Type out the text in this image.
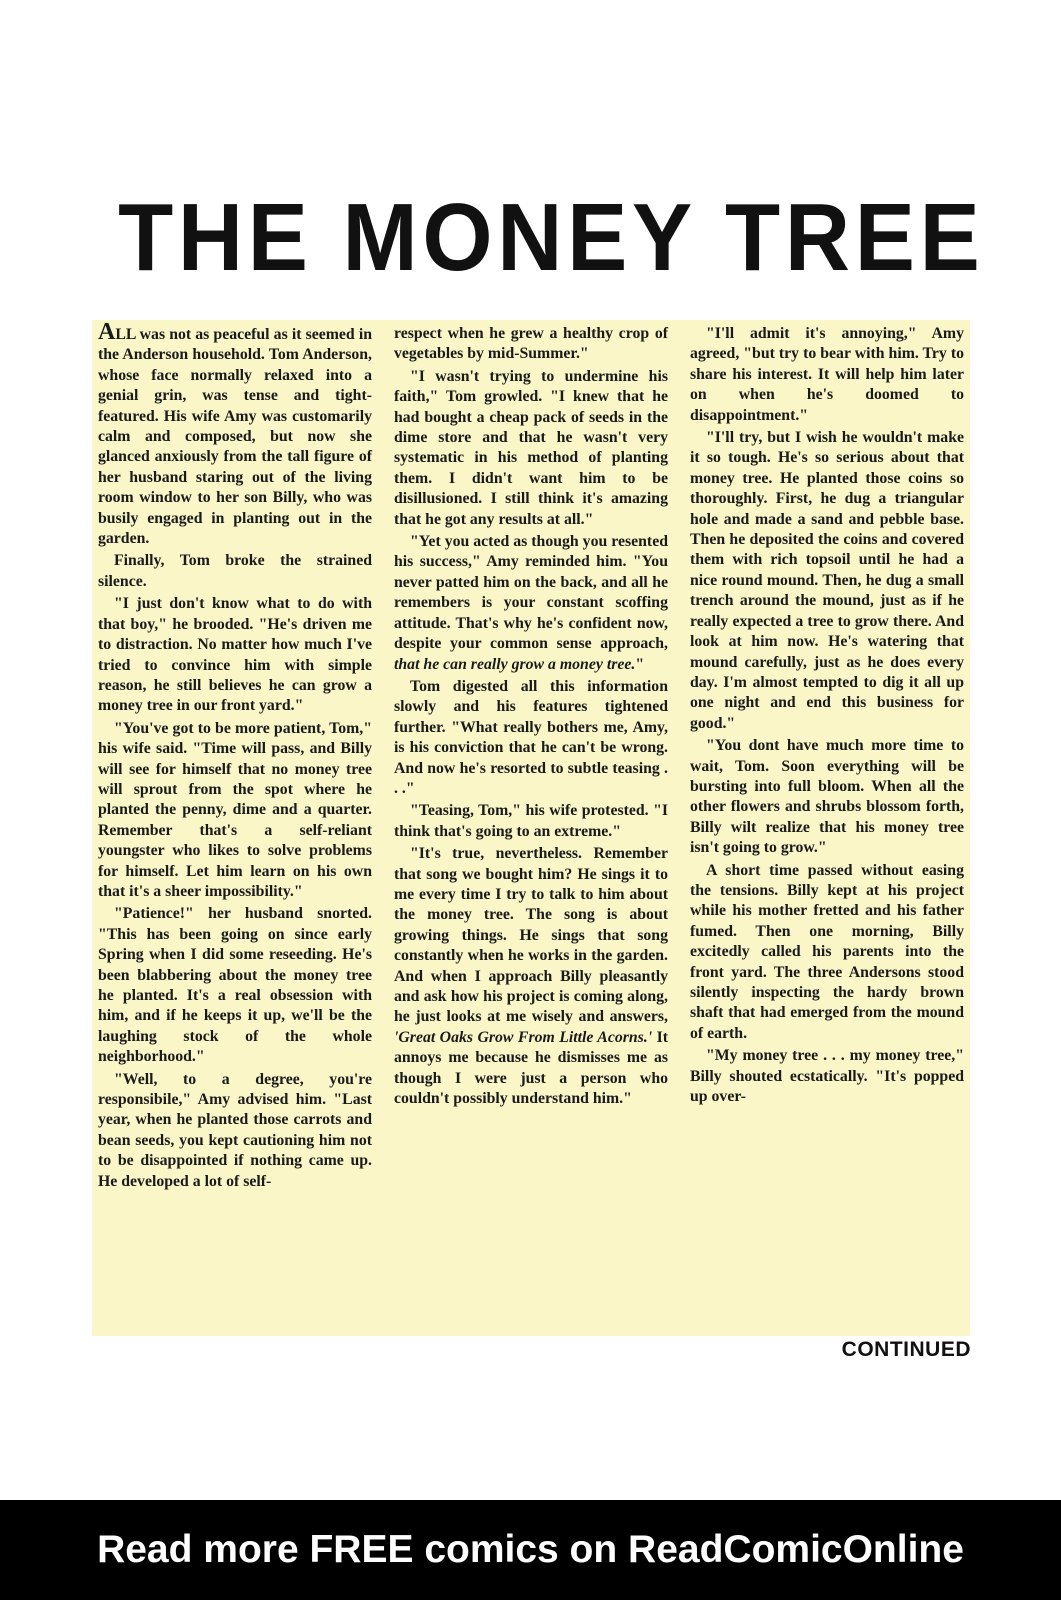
THE MONEY TREE

ALL was not as peaceful as it seemed in the Anderson household. Tom Anderson, whose face normally relaxed into a genial grin, was tense and tight-featured. His wife Amy was customarily calm and composed, but now she glanced anxiously from the tall figure of her husband staring out of the living room window to her son Billy, who was busily engaged in planting out in the garden.

Finally, Tom broke the strained silence.

"I just don't know what to do with that boy," he brooded. "He's driven me to distraction. No matter how much I've tried to convince him with simple reason, he still believes he can grow a money tree in our front yard."

"You've got to be more patient, Tom," his wife said. "Time will pass, and Billy will see for himself that no money tree will sprout from the spot where he planted the penny, dime and a quarter. Remember that's a self-reliant youngster who likes to solve problems for himself. Let him learn on his own that it's a sheer impossibility."

"Patience!" her husband snorted. "This has been going on since early Spring when I did some reseeding. He's been blabbering about the money tree he planted. It's a real obsession with him, and if he keeps it up, we'll be the laughing stock of the whole neighborhood."

"Well, to a degree, you're responsibile," Amy advised him. "Last year, when he planted those carrots and bean seeds, you kept cautioning him not to be disappointed if nothing came up. He developed a lot of self-

respect when he grew a healthy crop of vegetables by mid-Summer."

"I wasn't trying to undermine his faith," Tom growled. "I knew that he had bought a cheap pack of seeds in the dime store and that he wasn't very systematic in his method of planting them. I didn't want him to be disillusioned. I still think it's amazing that he got any results at all."

"Yet you acted as though you resented his success," Amy reminded him. "You never patted him on the back, and all he remembers is your constant scoffing attitude. That's why he's confident now, despite your common sense approach, that he can really grow a money tree."

Tom digested all this information slowly and his features tightened further. "What really bothers me, Amy, is his conviction that he can't be wrong. And now he's resorted to subtle teasing . . ."

"Teasing, Tom," his wife protested. "I think that's going to an extreme."

"It's true, nevertheless. Remember that song we bought him? He sings it to me every time I try to talk to him about the money tree. The song is about growing things. He sings that song constantly when he works in the garden. And when I approach Billy pleasantly and ask how his project is coming along, he just looks at me wisely and answers, 'Great Oaks Grow From Little Acorns.' It annoys me because he dismisses me as though I were just a person who couldn't possibly understand him."

"I'll admit it's annoying," Amy agreed, "but try to bear with him. Try to share his interest. It will help him later on when he's doomed to disappointment."

"I'll try, but I wish he wouldn't make it so tough. He's so serious about that money tree. He planted those coins so thoroughly. First, he dug a triangular hole and made a sand and pebble base. Then he deposited the coins and covered them with rich topsoil until he had a nice round mound. Then, he dug a small trench around the mound, just as if he really expected a tree to grow there. And look at him now. He's watering that mound carefully, just as he does every day. I'm almost tempted to dig it all up one night and end this business for good."

"You dont have much more time to wait, Tom. Soon everything will be bursting into full bloom. When all the other flowers and shrubs blossom forth, Billy wilt realize that his money tree isn't going to grow."

A short time passed without easing the tensions. Billy kept at his project while his mother fretted and his father fumed. Then one morning, Billy excitedly called his parents into the front yard. The three Andersons stood silently inspecting the hardy brown shaft that had emerged from the mound of earth.

"My money tree . . . my money tree," Billy shouted ecstatically. "It's popped up over-

CONTINUED
Read more FREE comics on ReadComicOnline
